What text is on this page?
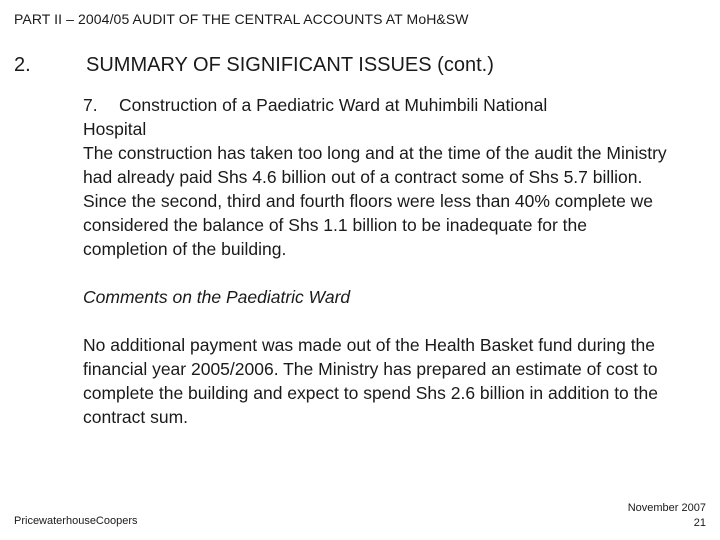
PART II – 2004/05 AUDIT OF THE CENTRAL ACCOUNTS AT MoH&SW
2.	SUMMARY OF SIGNIFICANT ISSUES (cont.)

7. Construction of a Paediatric Ward at Muhimbili National
Hospital

The construction has taken too long and at the time of the audit the Ministry had already paid Shs 4.6 billion out of a contract some of Shs 5.7 billion. Since the second, third and fourth floors were less than 40% complete we considered the balance of Shs 1.1 billion to be inadequate for the completion of the building.

Comments on the Paediatric Ward

No additional payment was made out of the Health Basket fund during the financial year 2005/2006. The Ministry has prepared an estimate of cost to complete the building and expect to spend Shs 2.6 billion in addition to the contract sum.

PricewaterhouseCoopers
November 2007
21
